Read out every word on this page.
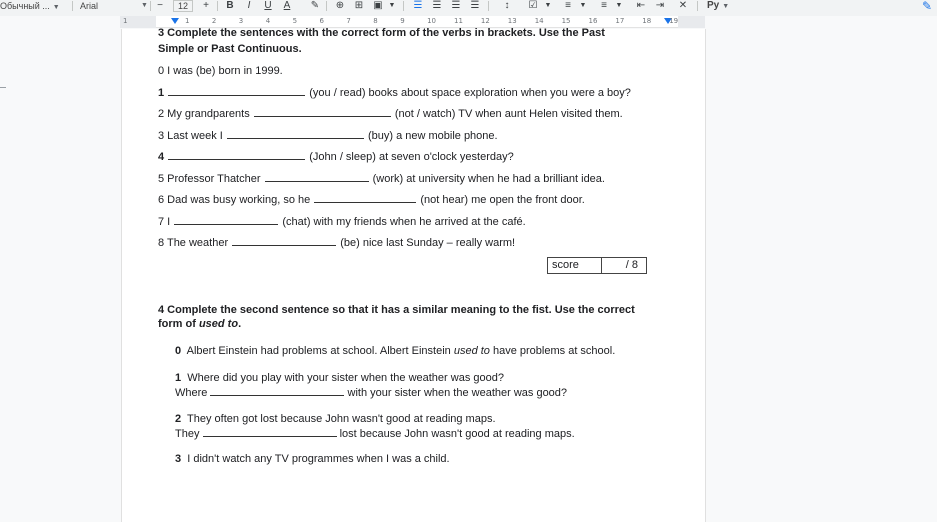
Обычный ... ▼ Arial	▼ −	12	+	B	I	U	A	✎ ⊕ ⊞ ▣ ▼	☰ ☰ ☰ ☰	↕	☑	▼	≡	▼	≡	▼	⇤ ⇥ ✕ Py ▼	✎
1	1	2	3	4	5	6	7	8	9	10	11	12	13	14	15	16	17	18	19
3 Complete the sentences with the correct form of the verbs in brackets. Use the Past
Simple or Past Continuous.
0 I was (be) born in 1999.
1	(you / read) books about space exploration when you were a boy?
2 My grandparents	(not / watch) TV when aunt Helen visited them.
3 Last week I	(buy) a new mobile phone.
4	(John / sleep) at seven o'clock yesterday?
5 Professor Thatcher	(work) at university when he had a brilliant idea.
6 Dad was busy working, so he	(not hear) me open the front door.
7 I	(chat) with my friends when he arrived at the café.
8 The weather	(be) nice last Sunday – really warm!
score	/ 8
4 Complete the second sentence so that it has a similar meaning to the fist. Use the correct
form of used to.
0 Albert Einstein had problems at school. Albert Einstein used to have problems at school.
1 Where did you play with your sister when the weather was good?
Where	with your sister when the weather was good?
2 They often got lost because John wasn't good at reading maps.
They	lost because John wasn't good at reading maps.
3 I didn't watch any TV programmes when I was a child.
